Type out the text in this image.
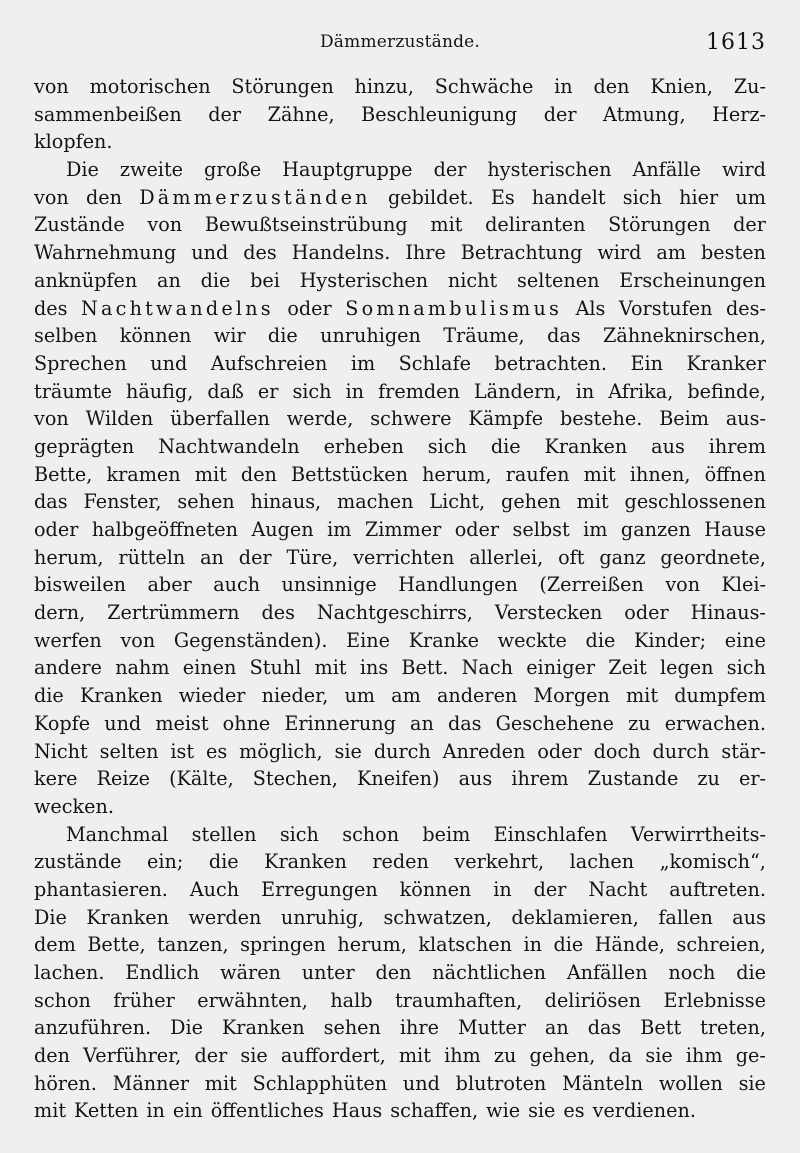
Dämmerzustände.	1613
von motorischen Störungen hinzu, Schwäche in den Knien, Zu-
sammenbeißen der Zähne, Beschleunigung der Atmung, Herz-
klopfen.
Die zweite große Hauptgruppe der hysterischen Anfälle wird
von den Dämmerzuständen gebildet. Es handelt sich hier um
Zustände von Bewußtseinstrübung mit deliranten Störungen der
Wahrnehmung und des Handelns. Ihre Betrachtung wird am besten
anknüpfen an die bei Hysterischen nicht seltenen Erscheinungen
des Nachtwandelns oder Somnambulismus Als Vorstufen des-
selben können wir die unruhigen Träume, das Zähneknirschen,
Sprechen und Aufschreien im Schlafe betrachten. Ein Kranker
träumte häufig, daß er sich in fremden Ländern, in Afrika, befinde,
von Wilden überfallen werde, schwere Kämpfe bestehe. Beim aus-
geprägten Nachtwandeln erheben sich die Kranken aus ihrem
Bette, kramen mit den Bettstücken herum, raufen mit ihnen, öffnen
das Fenster, sehen hinaus, machen Licht, gehen mit geschlossenen
oder halbgeöffneten Augen im Zimmer oder selbst im ganzen Hause
herum, rütteln an der Türe, verrichten allerlei, oft ganz geordnete,
bisweilen aber auch unsinnige Handlungen (Zerreißen von Klei-
dern, Zertrümmern des Nachtgeschirrs, Verstecken oder Hinaus-
werfen von Gegenständen). Eine Kranke weckte die Kinder; eine
andere nahm einen Stuhl mit ins Bett. Nach einiger Zeit legen sich
die Kranken wieder nieder, um am anderen Morgen mit dumpfem
Kopfe und meist ohne Erinnerung an das Geschehene zu erwachen.
Nicht selten ist es möglich, sie durch Anreden oder doch durch stär-
kere Reize (Kälte, Stechen, Kneifen) aus ihrem Zustande zu er-
wecken.
Manchmal stellen sich schon beim Einschlafen Verwirrtheits-
zustände ein; die Kranken reden verkehrt, lachen „komisch“,
phantasieren. Auch Erregungen können in der Nacht auftreten.
Die Kranken werden unruhig, schwatzen, deklamieren, fallen aus
dem Bette, tanzen, springen herum, klatschen in die Hände, schreien,
lachen. Endlich wären unter den nächtlichen Anfällen noch die
schon früher erwähnten, halb traumhaften, deliriösen Erlebnisse
anzuführen. Die Kranken sehen ihre Mutter an das Bett treten,
den Verführer, der sie auffordert, mit ihm zu gehen, da sie ihm ge-
hören. Männer mit Schlapphüten und blutroten Mänteln wollen sie
mit Ketten in ein öffentliches Haus schaffen, wie sie es verdienen.
